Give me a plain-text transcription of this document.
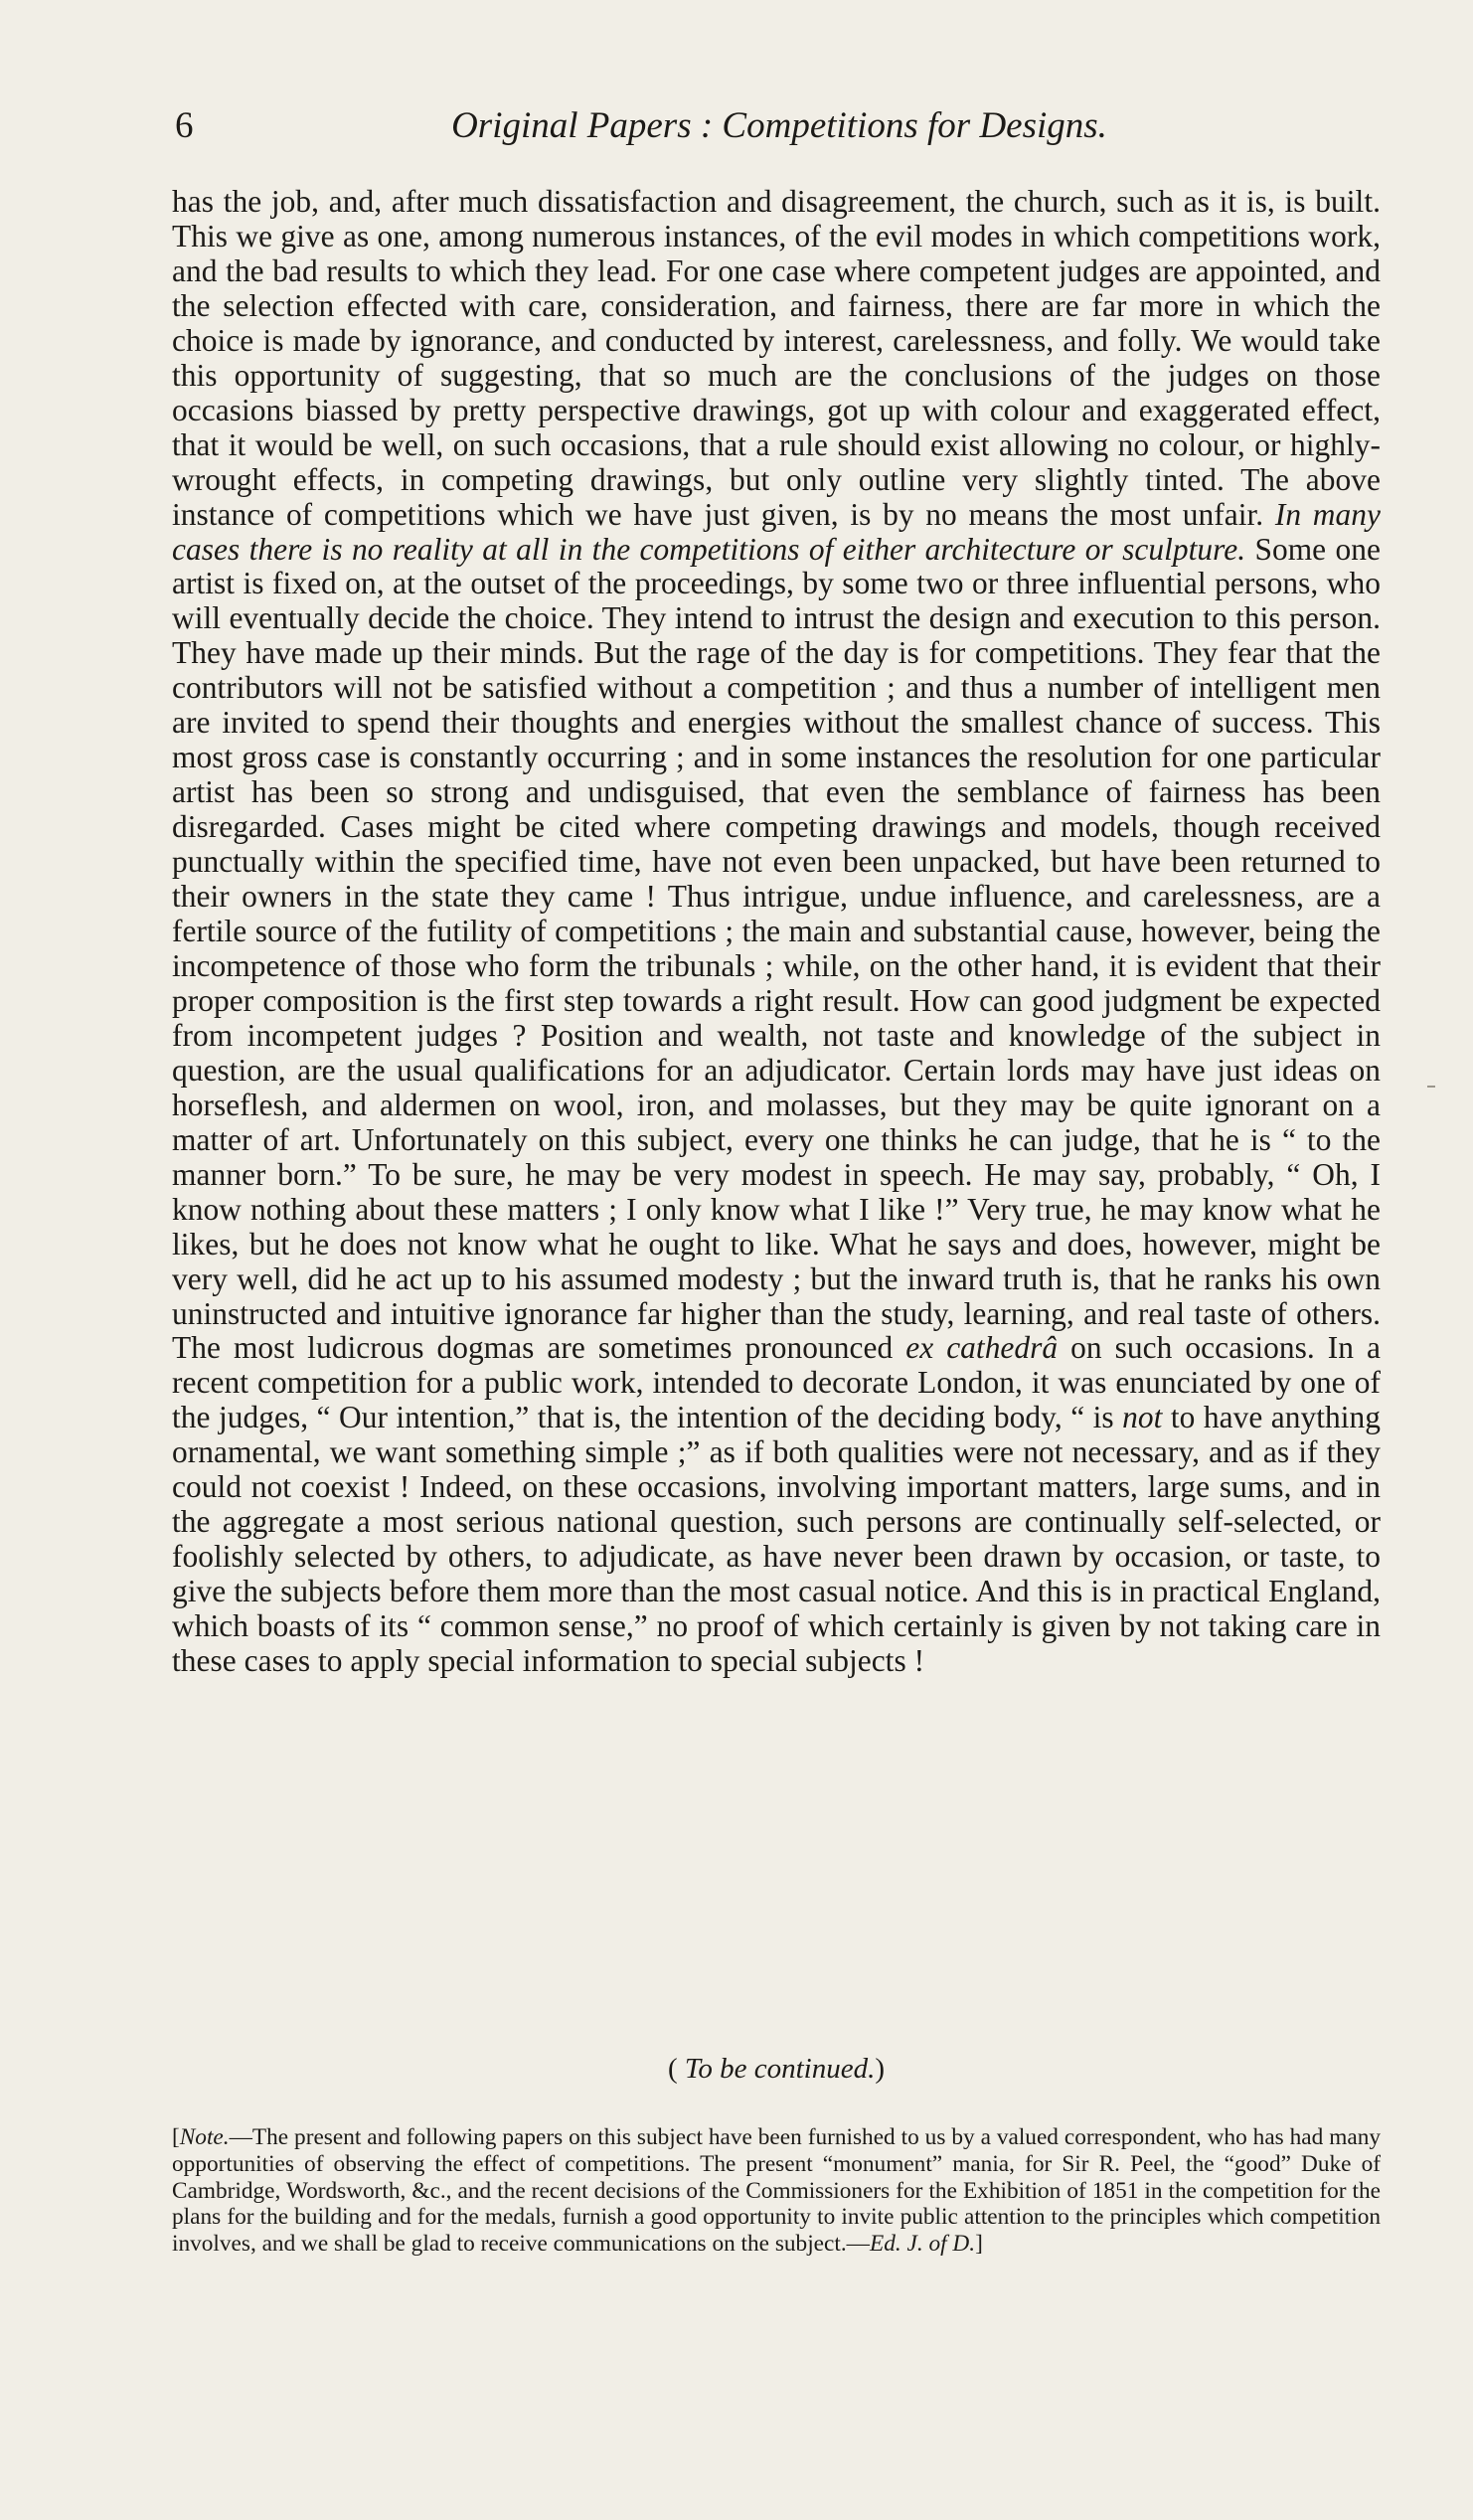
6	Original Papers : Competitions for Designs.

has the job, and, after much dissatisfaction and disagreement, the church, such as it is, is built. This we give as one, among numerous instances, of the evil modes in which competitions work, and the bad results to which they lead. For one case where competent judges are appointed, and the selection effected with care, consideration, and fairness, there are far more in which the choice is made by ignorance, and conducted by interest, carelessness, and folly. We would take this opportunity of suggesting, that so much are the conclusions of the judges on those occasions biassed by pretty perspective drawings, got up with colour and exaggerated effect, that it would be well, on such occasions, that a rule should exist allowing no colour, or highly-wrought effects, in competing drawings, but only outline very slightly tinted. The above instance of competitions which we have just given, is by no means the most unfair. In many cases there is no reality at all in the competitions of either architecture or sculpture. Some one artist is fixed on, at the outset of the proceedings, by some two or three influential persons, who will eventually decide the choice. They intend to intrust the design and execution to this person. They have made up their minds. But the rage of the day is for competitions. They fear that the contributors will not be satisfied without a competition ; and thus a number of intelligent men are invited to spend their thoughts and energies without the smallest chance of success. This most gross case is constantly occurring ; and in some instances the resolution for one particular artist has been so strong and undisguised, that even the semblance of fairness has been disregarded. Cases might be cited where competing drawings and models, though received punctually within the specified time, have not even been unpacked, but have been returned to their owners in the state they came ! Thus intrigue, undue influence, and carelessness, are a fertile source of the futility of competitions ; the main and substantial cause, however, being the incompetence of those who form the tribunals ; while, on the other hand, it is evident that their proper composition is the first step towards a right result. How can good judgment be expected from incompetent judges ? Position and wealth, not taste and knowledge of the subject in question, are the usual qualifications for an adjudicator. Certain lords may have just ideas on horseflesh, and aldermen on wool, iron, and molasses, but they may be quite ignorant on a matter of art. Unfortunately on this subject, every one thinks he can judge, that he is “ to the manner born.” To be sure, he may be very modest in speech. He may say, probably, “ Oh, I know nothing about these matters ; I only know what I like !” Very true, he may know what he likes, but he does not know what he ought to like. What he says and does, however, might be very well, did he act up to his assumed modesty ; but the inward truth is, that he ranks his own uninstructed and intuitive ignorance far higher than the study, learning, and real taste of others. The most ludicrous dogmas are sometimes pronounced ex cathedrâ on such occasions. In a recent competition for a public work, intended to decorate London, it was enunciated by one of the judges, “ Our intention,” that is, the intention of the deciding body, “ is not to have anything ornamental, we want something simple ;” as if both qualities were not necessary, and as if they could not coexist ! Indeed, on these occasions, involving important matters, large sums, and in the aggregate a most serious national question, such persons are continually self-selected, or foolishly selected by others, to adjudicate, as have never been drawn by occasion, or taste, to give the subjects before them more than the most casual notice. And this is in practical England, which boasts of its “ common sense,” no proof of which certainly is given by not taking care in these cases to apply special information to special subjects !

( To be continued.)

[Note.—The present and following papers on this subject have been furnished to us by a valued correspondent, who has had many opportunities of observing the effect of competitions. The present “monument” mania, for Sir R. Peel, the “good” Duke of Cambridge, Wordsworth, &c., and the recent decisions of the Commissioners for the Exhibition of 1851 in the competition for the plans for the building and for the medals, furnish a good opportunity to invite public attention to the principles which competition involves, and we shall be glad to receive communications on the subject.—Ed. J. of D.]
